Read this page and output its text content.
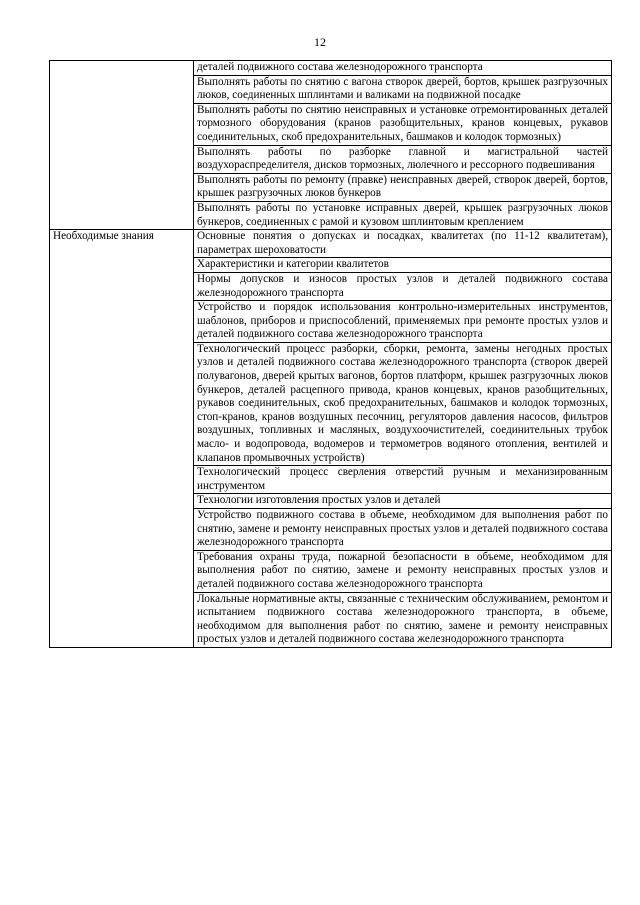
12
	деталей подвижного состава железнодорожного транспорта
	Выполнять работы по снятию с вагона створок дверей, бортов, крышек разгрузочных люков, соединенных шплинтами и валиками на подвижной посадке
	Выполнять работы по снятию неисправных и установке отремонтированных деталей тормозного оборудования (кранов разобщительных, кранов концевых, рукавов соединительных, скоб предохранительных, башмаков и колодок тормозных)
	Выполнять работы по разборке главной и магистральной частей воздухораспределителя, дисков тормозных, люлечного и рессорного подвешивания
	Выполнять работы по ремонту (правке) неисправных дверей, створок дверей, бортов, крышек разгрузочных люков бункеров
	Выполнять работы по установке исправных дверей, крышек разгрузочных люков бункеров, соединенных с рамой и кузовом шплинтовым креплением
Необходимые знания	Основные понятия о допусках и посадках, квалитетах (по 11-12 квалитетам), параметрах шероховатости
	Характеристики и категории квалитетов
	Нормы допусков и износов простых узлов и деталей подвижного состава железнодорожного транспорта
	Устройство и порядок использования контрольно-измерительных инструментов, шаблонов, приборов и приспособлений, применяемых при ремонте простых узлов и деталей подвижного состава железнодорожного транспорта
	Технологический процесс разборки, сборки, ремонта, замены негодных простых узлов и деталей подвижного состава железнодорожного транспорта (створок дверей полувагонов, дверей крытых вагонов, бортов платформ, крышек разгрузочных люков бункеров, деталей расцепного привода, кранов концевых, кранов разобщительных, рукавов соединительных, скоб предохранительных, башмаков и колодок тормозных, стоп-кранов, кранов воздушных песочниц, регуляторов давления насосов, фильтров воздушных, топливных и масляных, воздухоочистителей, соединительных трубок масло- и водопровода, водомеров и термометров водяного отопления, вентилей и клапанов промывочных устройств)
	Технологический процесс сверления отверстий ручным и механизированным инструментом
	Технологии изготовления простых узлов и деталей
	Устройство подвижного состава в объеме, необходимом для выполнения работ по снятию, замене и ремонту неисправных простых узлов и деталей подвижного состава железнодорожного транспорта
	Требования охраны труда, пожарной безопасности в объеме, необходимом для выполнения работ по снятию, замене и ремонту неисправных простых узлов и деталей подвижного состава железнодорожного транспорта
	Локальные нормативные акты, связанные с техническим обслуживанием, ремонтом и испытанием подвижного состава железнодорожного транспорта, в объеме, необходимом для выполнения работ по снятию, замене и ремонту неисправных простых узлов и деталей подвижного состава железнодорожного транспорта
